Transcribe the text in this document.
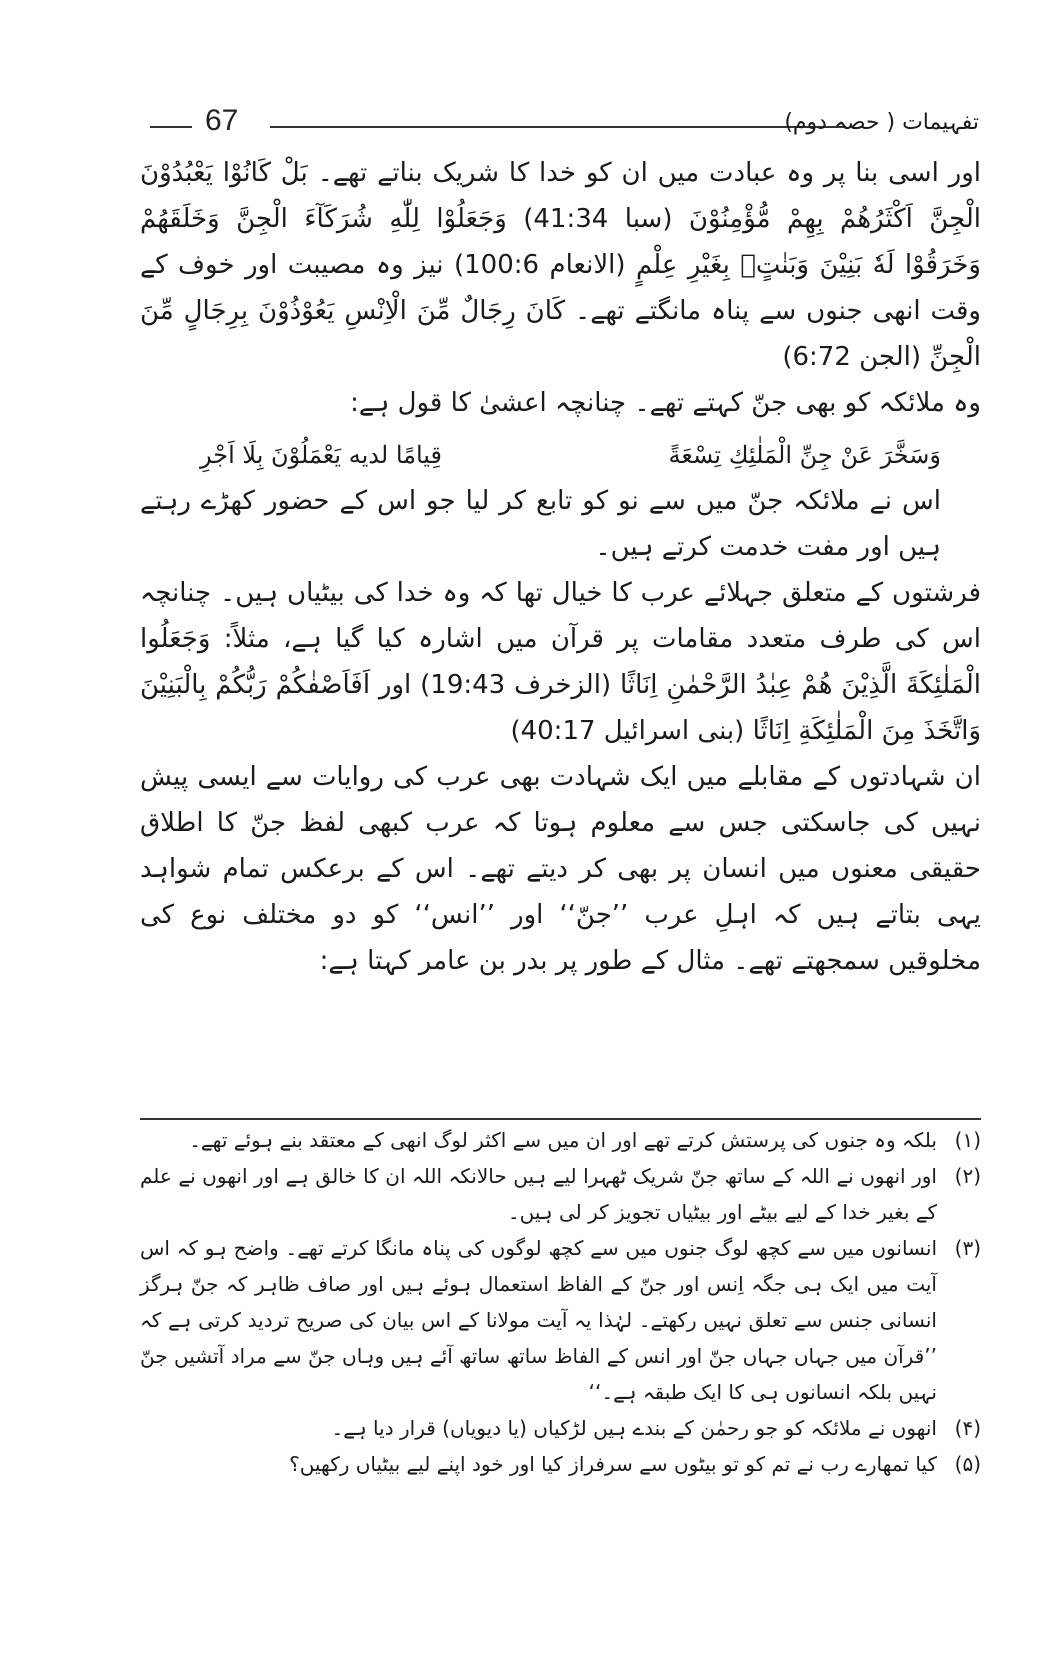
67	تفہیمات ( حصہ دوم)

اور اسی بنا پر وہ عبادت میں ان کو خدا کا شریک بناتے تھے۔ بَلْ كَانُوْا يَعْبُدُوْنَ الْجِنَّ اَكْثَرُهُمْ بِهِمْ مُّؤْمِنُوْنَ (سبا 41:34) وَجَعَلُوْا لِلّٰهِ شُرَكَآءَ الْجِنَّ وَخَلَقَهُمْ وَخَرَقُوْا لَهٗ بَنِيْنَ وَبَنٰتٍۢ بِغَيْرِ عِلْمٍ (الانعام 100:6) نیز وہ مصیبت اور خوف کے وقت انھی جنوں سے پناہ مانگتے تھے۔ كَانَ رِجَالٌ مِّنَ الْاِنْسِ يَعُوْذُوْنَ بِرِجَالٍ مِّنَ الْجِنِّ (الجن 6:72)

وہ ملائکہ کو بھی جنّ کہتے تھے۔ چنانچہ اعشیٰ کا قول ہے:

وَسَخَّرَ عَنْ جِنِّ الْمَلٰئِكِ تِسْعَةً
قِيامًا لديه يَعْمَلُوْنَ بِلَا اَجْرِ

اس نے ملائکہ جنّ میں سے نو کو تابع کر لیا جو اس کے حضور کھڑے رہتے ہیں اور مفت خدمت کرتے ہیں۔

فرشتوں کے متعلق جہلائے عرب کا خیال تھا کہ وہ خدا کی بیٹیاں ہیں۔ چنانچہ اس کی طرف متعدد مقامات پر قرآن میں اشارہ کیا گیا ہے، مثلاً: وَجَعَلُوا الْمَلٰئِكَةَ الَّذِيْنَ هُمْ عِبٰدُ الرَّحْمٰنِ اِنَاثًا (الزخرف 19:43) اور اَفَاَصْفٰكُمْ رَبُّكُمْ بِالْبَنِيْنَ وَاتَّخَذَ مِنَ الْمَلٰئِكَةِ اِنَاثًا (بنی اسرائیل 40:17)

ان شہادتوں کے مقابلے میں ایک شہادت بھی عرب کی روایات سے ایسی پیش نہیں کی جاسکتی جس سے معلوم ہوتا کہ عرب کبھی لفظ جنّ کا اطلاق حقیقی معنوں میں انسان پر بھی کر دیتے تھے۔ اس کے برعکس تمام شواہد یہی بتاتے ہیں کہ اہلِ عرب ’’جنّ‘‘ اور ’’انس‘‘ کو دو مختلف نوع کی مخلوقیں سمجھتے تھے۔ مثال کے طور پر بدر بن عامر کہتا ہے:

(۱)
بلکہ وہ جنوں کی پرستش کرتے تھے اور ان میں سے اکثر لوگ انھی کے معتقد بنے ہوئے تھے۔
(۲)
اور انھوں نے اللہ کے ساتھ جنّ شریک ٹھہرا لیے ہیں حالانکہ اللہ ان کا خالق ہے اور انھوں نے علم کے بغیر خدا کے لیے بیٹے اور بیٹیاں تجویز کر لی ہیں۔
(۳)
انسانوں میں سے کچھ لوگ جنوں میں سے کچھ لوگوں کی پناہ مانگا کرتے تھے۔ واضح ہو کہ اس آیت میں ایک ہی جگہ اِنس اور جنّ کے الفاظ استعمال ہوئے ہیں اور صاف ظاہر کہ جنّ ہرگز انسانی جنس سے تعلق نہیں رکھتے۔ لہٰذا یہ آیت مولانا کے اس بیان کی صریح تردید کرتی ہے کہ ’’قرآن میں جہاں جہاں جنّ اور انس کے الفاظ ساتھ ساتھ آئے ہیں وہاں جنّ سے مراد آتشیں جنّ نہیں بلکہ انسانوں ہی کا ایک طبقہ ہے۔‘‘
(۴)
انھوں نے ملائکہ کو جو رحمٰن کے بندے ہیں لڑکیاں (یا دیویاں) قرار دیا ہے۔
(۵)
کیا تمھارے رب نے تم کو تو بیٹوں سے سرفراز کیا اور خود اپنے لیے بیٹیاں رکھیں؟
